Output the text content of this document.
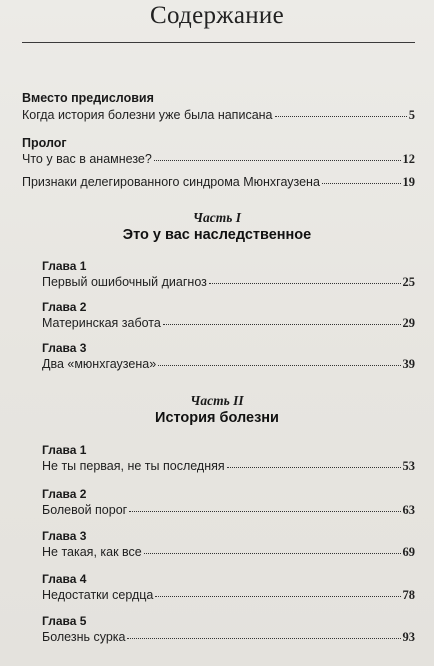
Содержание
Вместо предисловия
Когда история болезни уже была написана	5
Пролог
Что у вас в анамнезе?	12
Признаки делегированного синдрома Мюнхгаузена	19
Часть I
Это у вас наследственное
Глава 1
Первый ошибочный диагноз	25
Глава 2
Материнская забота	29
Глава 3
Два «мюнхгаузена»	39
Часть II
История болезни
Глава 1
Не ты первая, не ты последняя	53
Глава 2
Болевой порог	63
Глава 3
Не такая, как все	69
Глава 4
Недостатки сердца	78
Глава 5
Болезнь сурка	93
